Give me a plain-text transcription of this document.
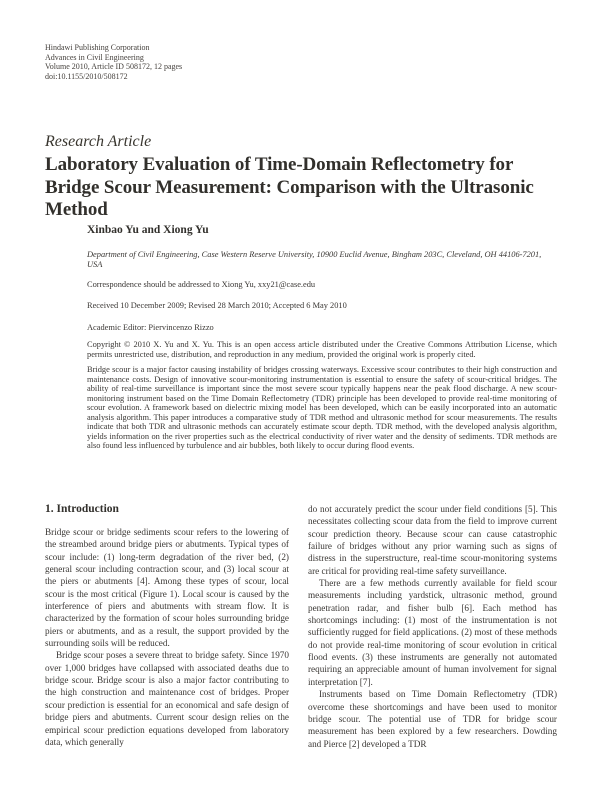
Hindawi Publishing Corporation
Advances in Civil Engineering
Volume 2010, Article ID 508172, 12 pages
doi:10.1155/2010/508172
Research Article
Laboratory Evaluation of Time-Domain Reflectometry for Bridge Scour Measurement: Comparison with the Ultrasonic Method
Xinbao Yu and Xiong Yu
Department of Civil Engineering, Case Western Reserve University, 10900 Euclid Avenue, Bingham 203C, Cleveland, OH 44106-7201, USA
Correspondence should be addressed to Xiong Yu, xxy21@case.edu
Received 10 December 2009; Revised 28 March 2010; Accepted 6 May 2010
Academic Editor: Piervincenzo Rizzo
Copyright © 2010 X. Yu and X. Yu. This is an open access article distributed under the Creative Commons Attribution License, which permits unrestricted use, distribution, and reproduction in any medium, provided the original work is properly cited.
Bridge scour is a major factor causing instability of bridges crossing waterways. Excessive scour contributes to their high construction and maintenance costs. Design of innovative scour-monitoring instrumentation is essential to ensure the safety of scour-critical bridges. The ability of real-time surveillance is important since the most severe scour typically happens near the peak flood discharge. A new scour-monitoring instrument based on the Time Domain Reflectometry (TDR) principle has been developed to provide real-time monitoring of scour evolution. A framework based on dielectric mixing model has been developed, which can be easily incorporated into an automatic analysis algorithm. This paper introduces a comparative study of TDR method and ultrasonic method for scour measurements. The results indicate that both TDR and ultrasonic methods can accurately estimate scour depth. TDR method, with the developed analysis algorithm, yields information on the river properties such as the electrical conductivity of river water and the density of sediments. TDR methods are also found less influenced by turbulence and air bubbles, both likely to occur during flood events.
1. Introduction

Bridge scour or bridge sediments scour refers to the lowering of the streambed around bridge piers or abutments. Typical types of scour include: (1) long-term degradation of the river bed, (2) general scour including contraction scour, and (3) local scour at the piers or abutments [4]. Among these types of scour, local scour is the most critical (Figure 1). Local scour is caused by the interference of piers and abutments with stream flow. It is characterized by the formation of scour holes surrounding bridge piers or abutments, and as a result, the support provided by the surrounding soils will be reduced.

Bridge scour poses a severe threat to bridge safety. Since 1970 over 1,000 bridges have collapsed with associated deaths due to bridge scour. Bridge scour is also a major factor contributing to the high construction and maintenance cost of bridges. Proper scour prediction is essential for an economical and safe design of bridge piers and abutments. Current scour design relies on the empirical scour prediction equations developed from laboratory data, which generally

do not accurately predict the scour under field conditions [5]. This necessitates collecting scour data from the field to improve current scour prediction theory. Because scour can cause catastrophic failure of bridges without any prior warning such as signs of distress in the superstructure, real-time scour-monitoring systems are critical for providing real-time safety surveillance.

There are a few methods currently available for field scour measurements including yardstick, ultrasonic method, ground penetration radar, and fisher bulb [6]. Each method has shortcomings including: (1) most of the instrumentation is not sufficiently rugged for field applications. (2) most of these methods do not provide real-time monitoring of scour evolution in critical flood events. (3) these instruments are generally not automated requiring an appreciable amount of human involvement for signal interpretation [7].

Instruments based on Time Domain Reflectometry (TDR) overcome these shortcomings and have been used to monitor bridge scour. The potential use of TDR for bridge scour measurement has been explored by a few researchers. Dowding and Pierce [2] developed a TDR
